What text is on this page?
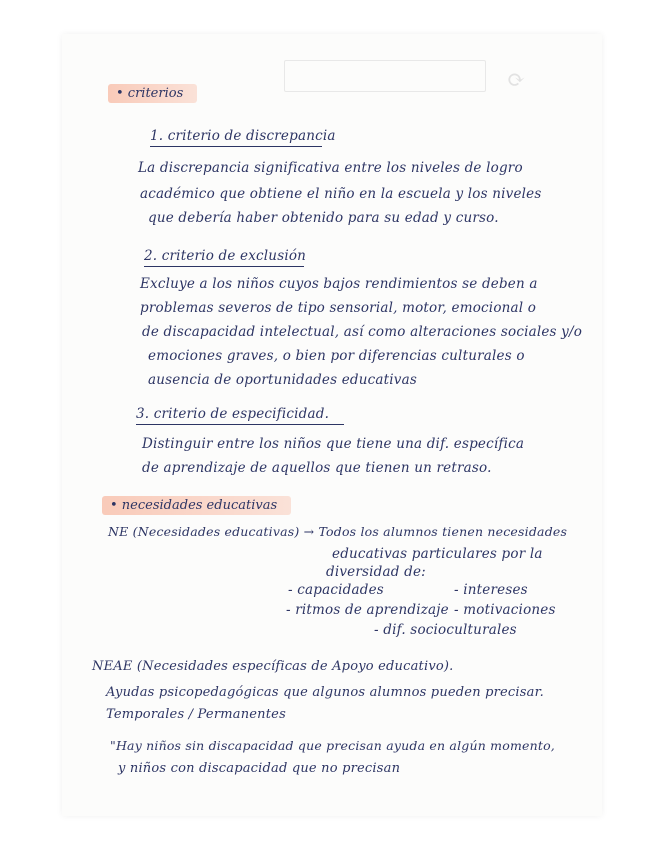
⟳
• criterios
1. criterio de discrepancia
La discrepancia significativa entre los niveles de logro
académico que obtiene el niño en la escuela y los niveles
que debería haber obtenido para su edad y curso.
2. criterio de exclusión
Excluye a los niños cuyos bajos rendimientos se deben a
problemas severos de tipo sensorial, motor, emocional o
de discapacidad intelectual, así como alteraciones sociales y/o
emociones graves, o bien por diferencias culturales o
ausencia de oportunidades educativas
3. criterio de especificidad.
Distinguir entre los niños que tiene una dif. específica
de aprendizaje de aquellos que tienen un retraso.
• necesidades educativas
NE (Necesidades educativas) → Todos los alumnos tienen necesidades
educativas particulares por la
diversidad de:
- capacidades	- intereses
- ritmos de aprendizaje - motivaciones
- dif. socioculturales
NEAE (Necesidades específicas de Apoyo educativo).
Ayudas psicopedagógicas que algunos alumnos pueden precisar.
Temporales / Permanentes
"Hay niños sin discapacidad que precisan ayuda en algún momento,
y niños con discapacidad que no precisan
